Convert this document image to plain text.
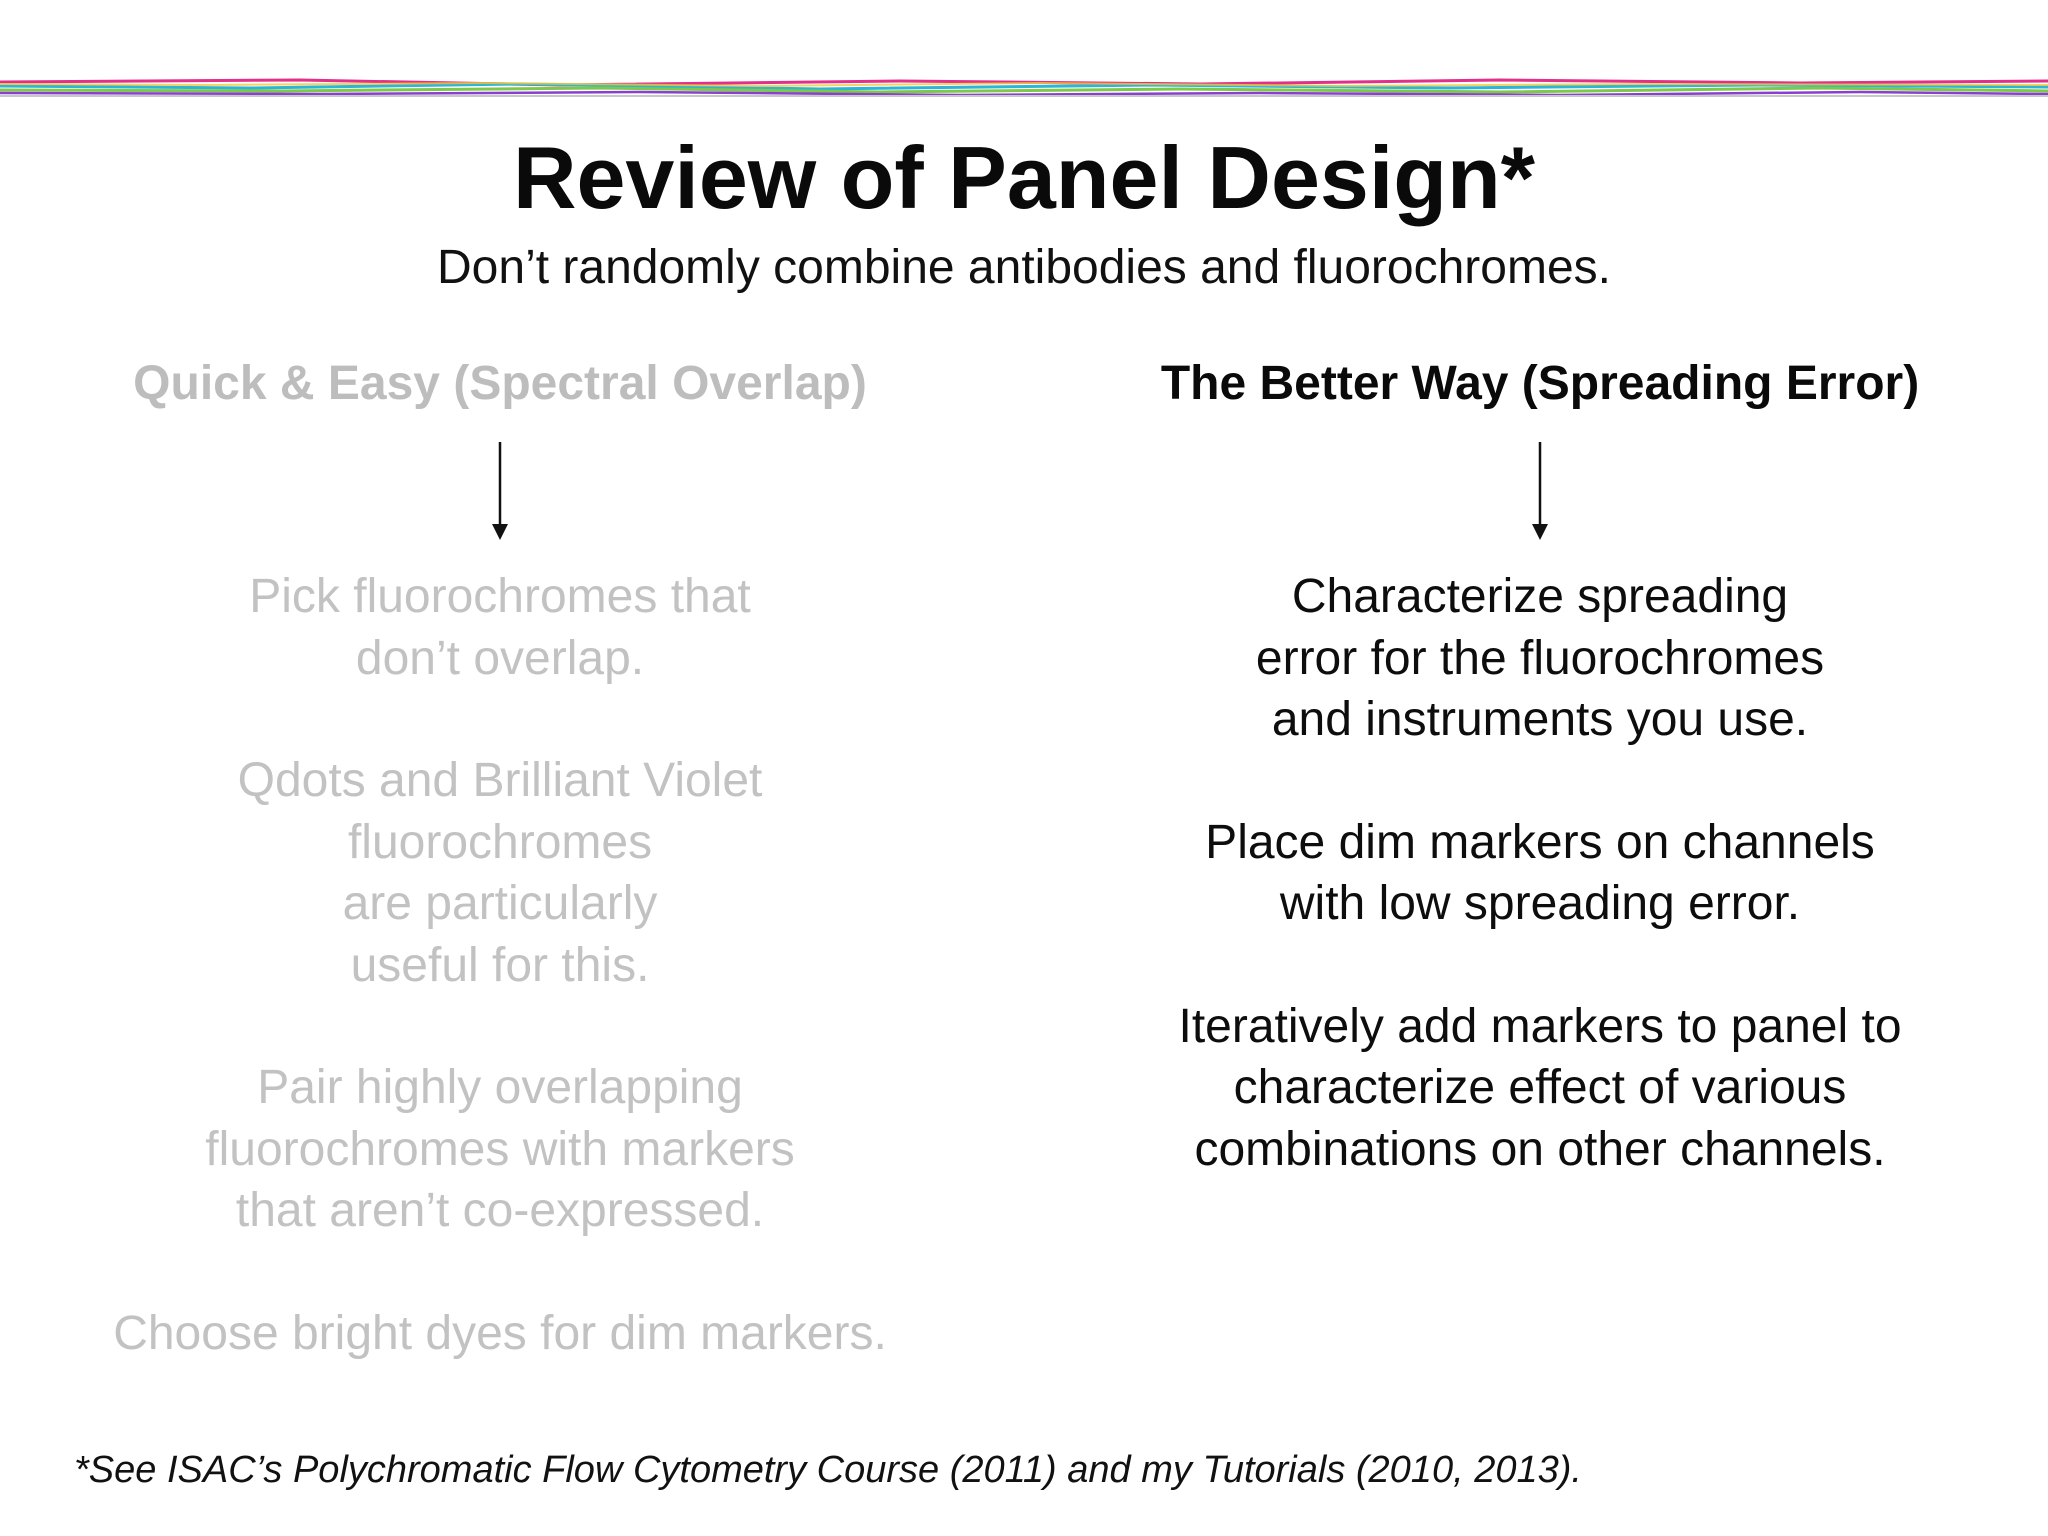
Review of Panel Design*
Don’t randomly combine antibodies and fluorochromes.

Quick & Easy (Spectral Overlap)

Pick fluorochromes that
don’t overlap.

Qdots and Brilliant Violet
fluorochromes
are particularly
useful for this.

Pair highly overlapping
fluorochromes with markers
that aren’t co-expressed.

Choose bright dyes for dim markers.

The Better Way (Spreading Error)

Characterize spreading
error for the fluorochromes
and instruments you use.

Place dim markers on channels
with low spreading error.

Iteratively add markers to panel to
characterize effect of various
combinations on other channels.

*See ISAC’s Polychromatic Flow Cytometry Course (2011) and my Tutorials (2010, 2013).
